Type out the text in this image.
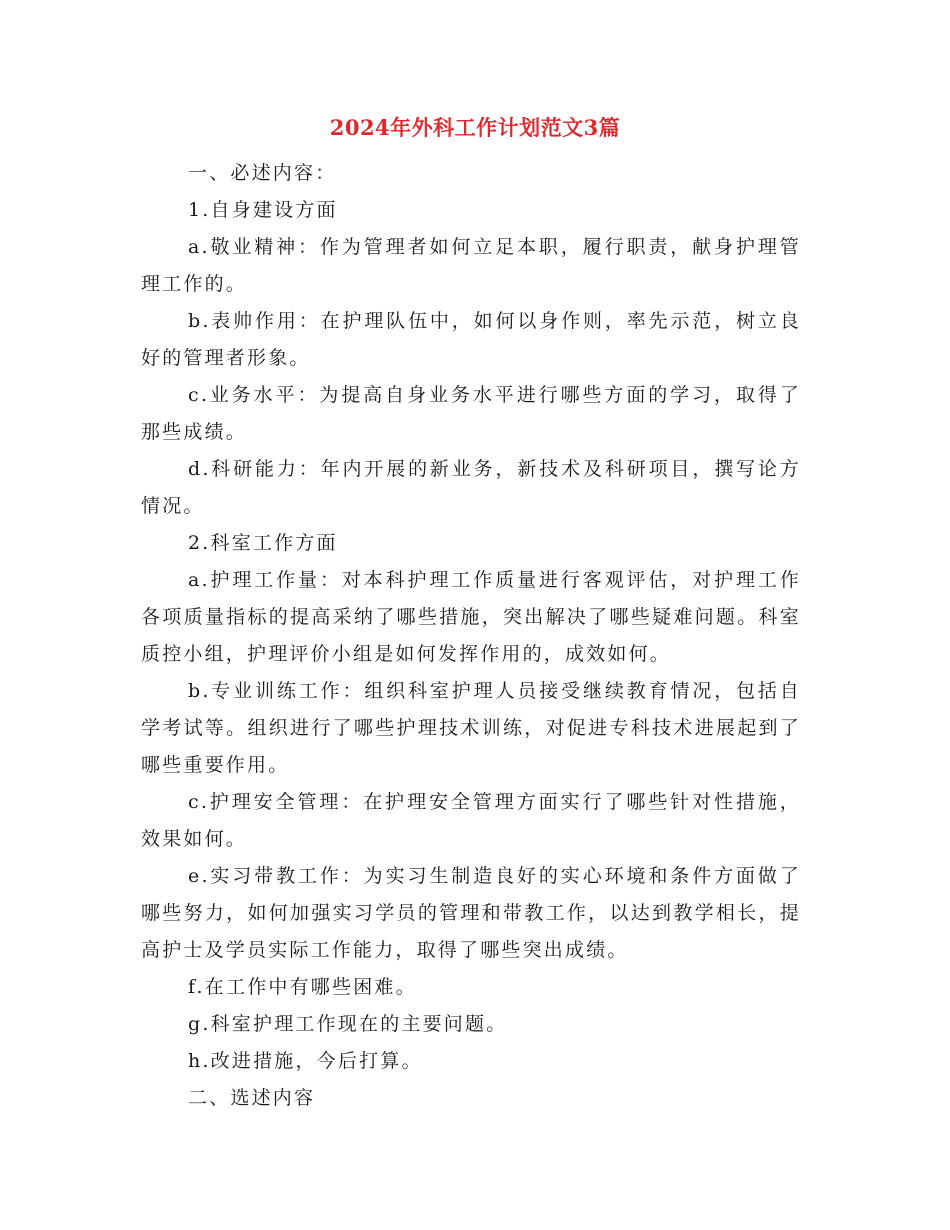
2024年外科工作计划范文3篇

一、必述内容：

1.自身建设方面

a.敬业精神：作为管理者如何立足本职，履行职责，献身护理管理工作的。

b.表帅作用：在护理队伍中，如何以身作则，率先示范，树立良好的管理者形象。

c.业务水平：为提高自身业务水平进行哪些方面的学习，取得了那些成绩。

d.科研能力：年内开展的新业务，新技术及科研项目，撰写论方情况。

2.科室工作方面

a.护理工作量：对本科护理工作质量进行客观评估，对护理工作各项质量指标的提高采纳了哪些措施，突出解决了哪些疑难问题。科室质控小组，护理评价小组是如何发挥作用的，成效如何。

b.专业训练工作：组织科室护理人员接受继续教育情况，包括自学考试等。组织进行了哪些护理技术训练，对促进专科技术进展起到了哪些重要作用。

c.护理安全管理：在护理安全管理方面实行了哪些针对性措施，效果如何。

e.实习带教工作：为实习生制造良好的实心环境和条件方面做了哪些努力，如何加强实习学员的管理和带教工作，以达到教学相长，提高护士及学员实际工作能力，取得了哪些突出成绩。

f.在工作中有哪些困难。

g.科室护理工作现在的主要问题。

h.改进措施，今后打算。

二、选述内容
